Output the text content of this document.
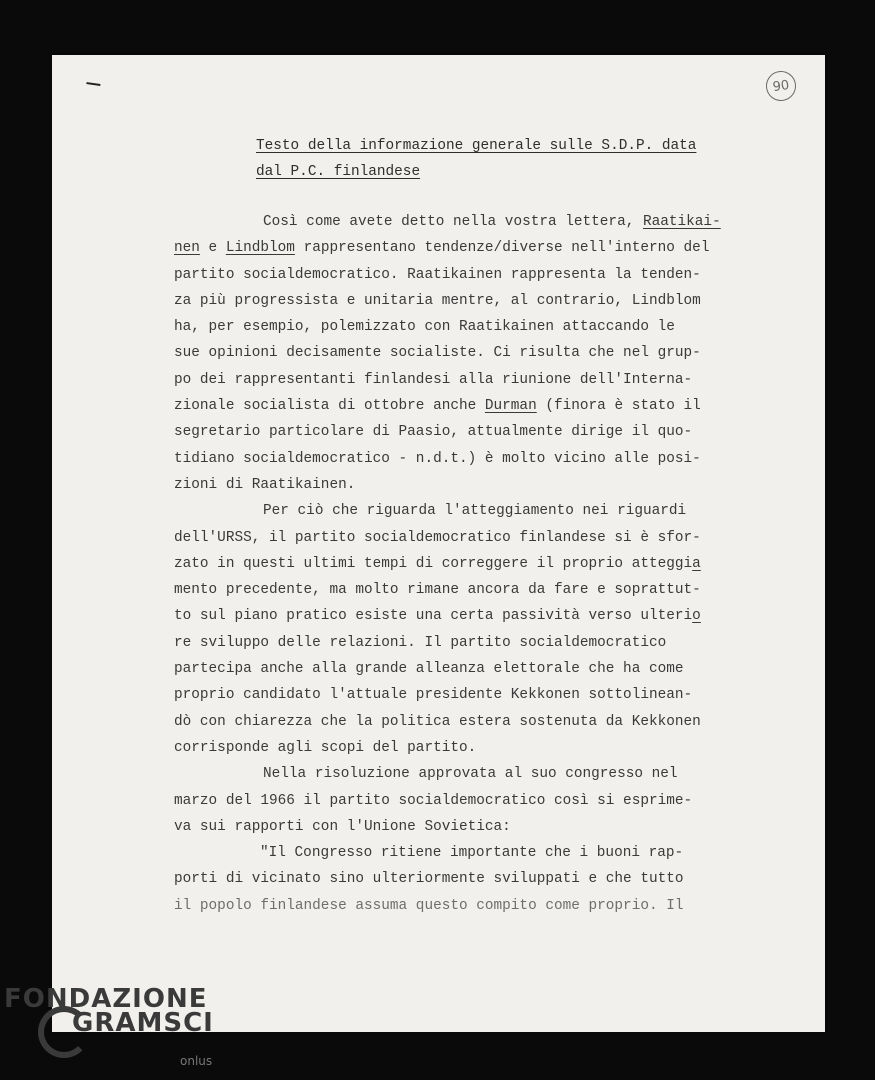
90
Testo della informazione generale sulle S.D.P. data
dal P.C. finlandese
Così come avete detto nella vostra lettera, Raatikai-
nen e Lindblom rappresentano tendenze/diverse nell'interno del
partito socialdemocratico. Raatikainen rappresenta la tenden-
za più progressista e unitaria mentre, al contrario, Lindblom
ha, per esempio, polemizzato con Raatikainen attaccando le
sue opinioni decisamente socialiste. Ci risulta che nel grup-
po dei rappresentanti finlandesi alla riunione dell'Interna-
zionale socialista di ottobre anche Durman (finora è stato il
segretario particolare di Paasio, attualmente dirige il quo-
tidiano socialdemocratico - n.d.t.) è molto vicino alle posi-
zioni di Raatikainen.
Per ciò che riguarda l'atteggiamento nei riguardi
dell'URSS, il partito socialdemocratico finlandese si è sfor-
zato in questi ultimi tempi di correggere il proprio atteggia
mento precedente, ma molto rimane ancora da fare e soprattut-
to sul piano pratico esiste una certa passività verso ulterio
re sviluppo delle relazioni. Il partito socialdemocratico
partecipa anche alla grande alleanza elettorale che ha come
proprio candidato l'attuale presidente Kekkonen sottolinean-
dò con chiarezza che la politica estera sostenuta da Kekkonen
corrisponde agli scopi del partito.
Nella risoluzione approvata al suo congresso nel
marzo del 1966 il partito socialdemocratico così si esprime-
va sui rapporti con l'Unione Sovietica:
"Il Congresso ritiene importante che i buoni rap-
porti di vicinato sino ulteriormente sviluppati e che tutto
il popolo finlandese assuma questo compito come proprio. Il
FONDAZIONE
GRAMSCI
onlus
